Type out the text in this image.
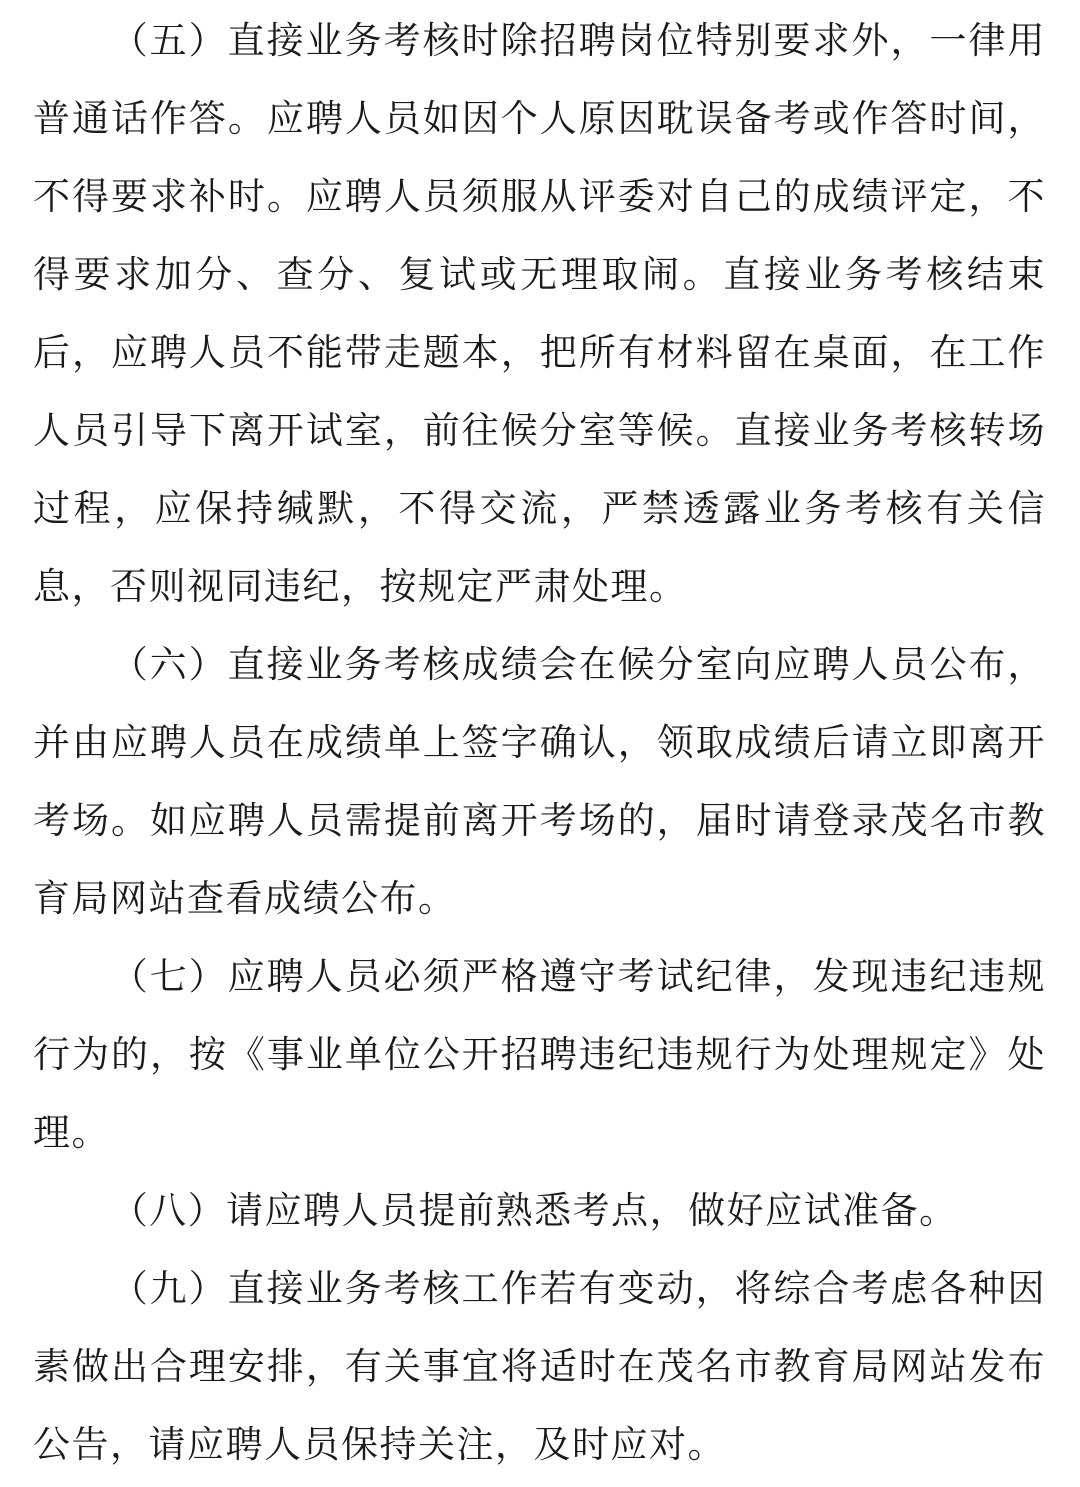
（五）直接业务考核时除招聘岗位特别要求外，一律用普通话作答。应聘人员如因个人原因耽误备考或作答时间，不得要求补时。应聘人员须服从评委对自己的成绩评定，不得要求加分、查分、复试或无理取闹。直接业务考核结束后，应聘人员不能带走题本，把所有材料留在桌面，在工作人员引导下离开试室，前往候分室等候。直接业务考核转场过程，应保持缄默，不得交流，严禁透露业务考核有关信息，否则视同违纪，按规定严肃处理。

（六）直接业务考核成绩会在候分室向应聘人员公布，并由应聘人员在成绩单上签字确认，领取成绩后请立即离开考场。如应聘人员需提前离开考场的，届时请登录茂名市教育局网站查看成绩公布。

（七）应聘人员必须严格遵守考试纪律，发现违纪违规行为的，按《事业单位公开招聘违纪违规行为处理规定》处理。

（八）请应聘人员提前熟悉考点，做好应试准备。

（九）直接业务考核工作若有变动，将综合考虑各种因素做出合理安排，有关事宜将适时在茂名市教育局网站发布公告，请应聘人员保持关注，及时应对。
